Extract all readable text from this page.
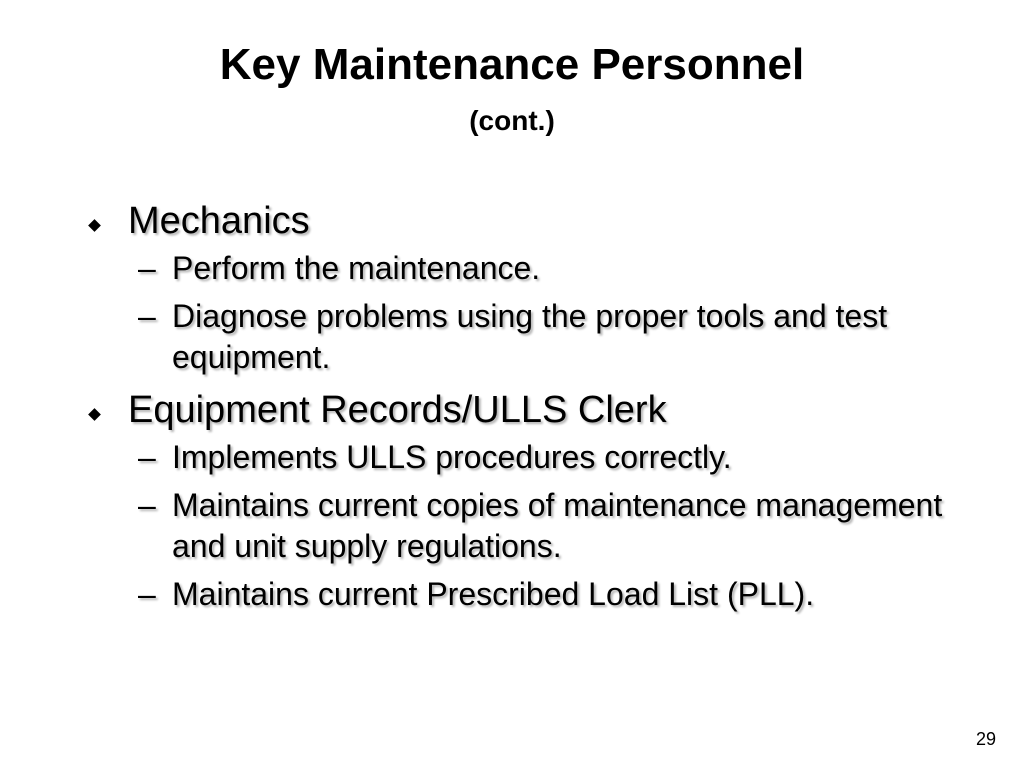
Key Maintenance Personnel
(cont.)
Mechanics
– Perform the maintenance.
– Diagnose problems using the proper tools and test equipment.
Equipment Records/ULLS Clerk
– Implements ULLS procedures correctly.
– Maintains current copies of maintenance management and unit supply regulations.
– Maintains current Prescribed Load List (PLL).
29
